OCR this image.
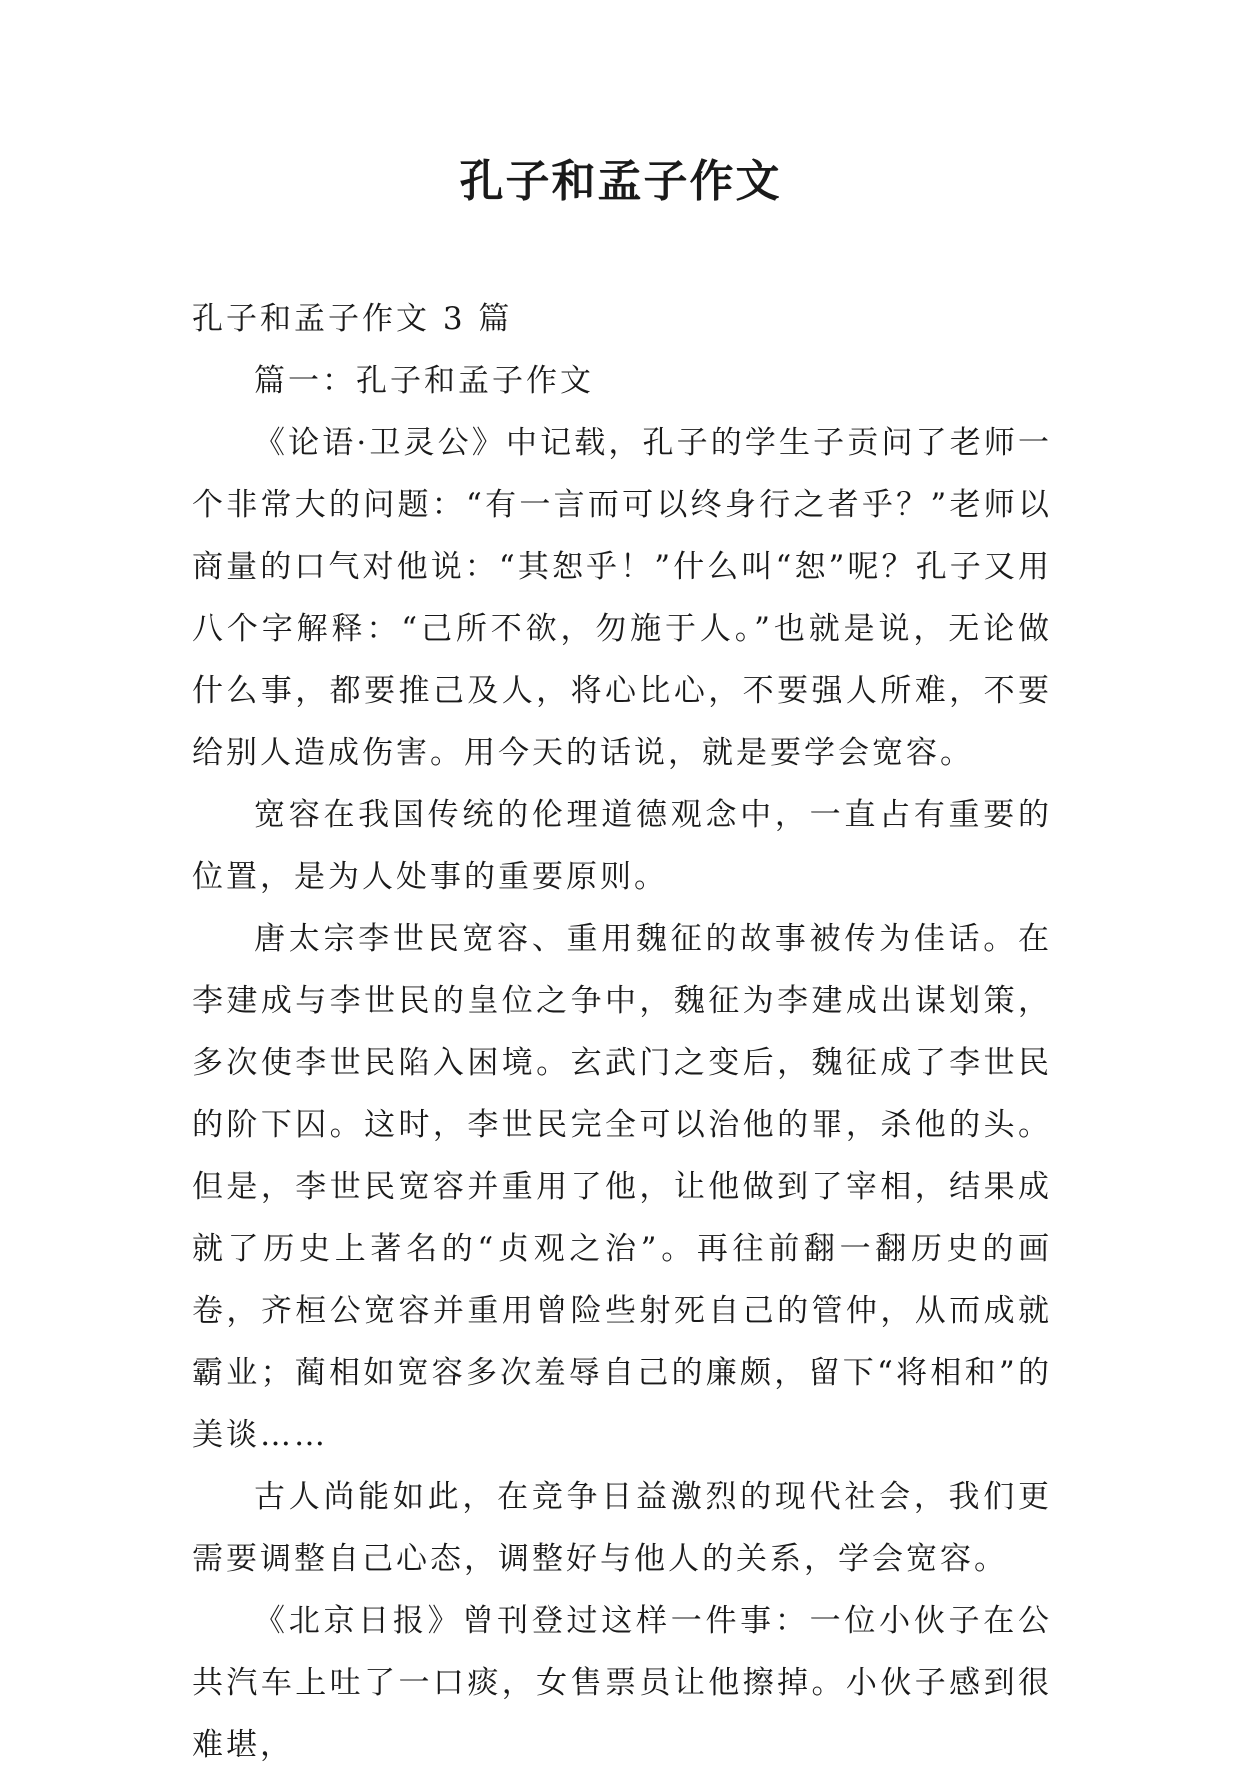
孔子和孟子作文

孔子和孟子作文 3 篇

篇一：孔子和孟子作文

《论语·卫灵公》中记载，孔子的学生子贡问了老师一个非常大的问题：“有一言而可以终身行之者乎？”老师以商量的口气对他说：“其恕乎！”什么叫“恕”呢？孔子又用八个字解释：“己所不欲，勿施于人。”也就是说，无论做什么事，都要推己及人，将心比心，不要强人所难，不要给别人造成伤害。用今天的话说，就是要学会宽容。

宽容在我国传统的伦理道德观念中，一直占有重要的位置，是为人处事的重要原则。

唐太宗李世民宽容、重用魏征的故事被传为佳话。在李建成与李世民的皇位之争中，魏征为李建成出谋划策，多次使李世民陷入困境。玄武门之变后，魏征成了李世民的阶下囚。这时，李世民完全可以治他的罪，杀他的头。但是，李世民宽容并重用了他，让他做到了宰相，结果成就了历史上著名的“贞观之治”。再往前翻一翻历史的画卷，齐桓公宽容并重用曾险些射死自己的管仲，从而成就霸业；蔺相如宽容多次羞辱自己的廉颇，留下“将相和”的美谈……

古人尚能如此，在竞争日益激烈的现代社会，我们更需要调整自己心态，调整好与他人的关系，学会宽容。

《北京日报》曾刊登过这样一件事：一位小伙子在公共汽车上吐了一口痰，女售票员让他擦掉。小伙子感到很难堪，
